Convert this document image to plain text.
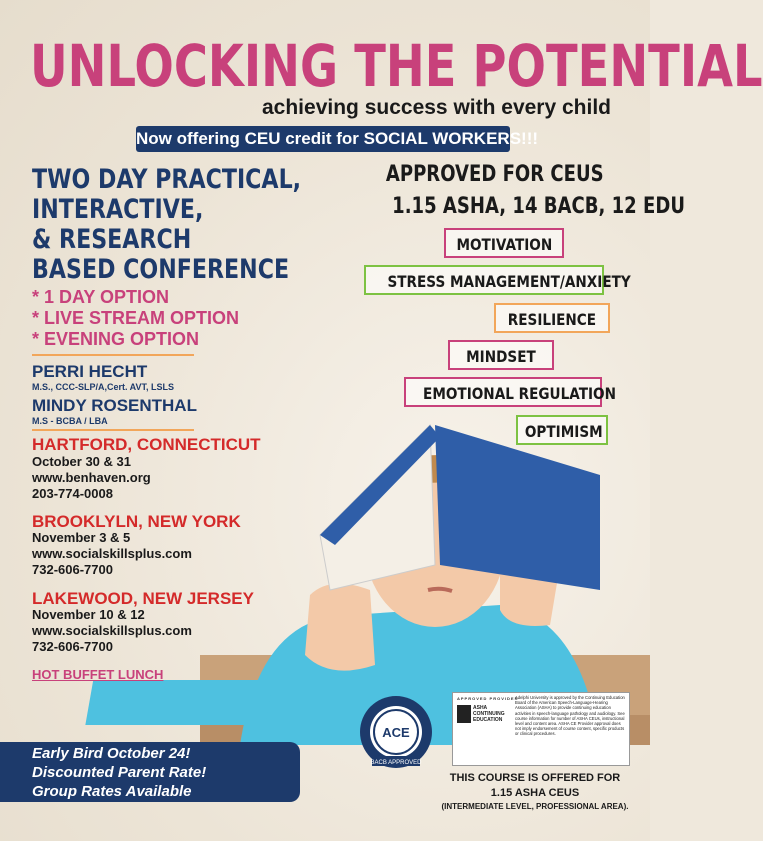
UNLOCKING THE POTENTIAL
achieving success with every child
Now offering CEU credit for SOCIAL WORKERS!!!
TWO DAY PRACTICAL,
INTERACTIVE,
& RESEARCH
BASED CONFERENCE
* 1 DAY OPTION
* LIVE STREAM OPTION
* EVENING OPTION
PERRI HECHT
M.S., CCC-SLP/A,Cert. AVT, LSLS
MINDY ROSENTHAL
M.S - BCBA / LBA
HARTFORD, CONNECTICUT
October 30 & 31
www.benhaven.org
203-774-0008
BROOKLYLN, NEW YORK
November 3 & 5
www.socialskillsplus.com
732-606-7700
LAKEWOOD, NEW JERSEY
November 10 & 12
www.socialskillsplus.com
732-606-7700
HOT BUFFET LUNCH
APPROVED FOR CEUS
1.15 ASHA, 14 BACB, 12 EDU
MOTIVATION
STRESS MANAGEMENT/ANXIETY
RESILIENCE
MINDSET
EMOTIONAL REGULATION
OPTIMISM
Early Bird October 24!
Discounted Parent Rate!
Group Rates Available
ACE
BACB APPROVED
APPROVED PROVIDER
ASHA CONTINUING EDUCATION
Adelphi University is approved by the Continuing Education Board of the American Speech-Language-Hearing Association (ASHA) to provide continuing education activities in speech-language pathology and audiology. See course information for number of ASHA CEUs, instructional level and content area. ASHA CE Provider approval does not imply endorsement of course content, specific products or clinical procedures.
THIS COURSE IS OFFERED FOR
1.15 ASHA CEUS
(INTERMEDIATE LEVEL, PROFESSIONAL AREA).
